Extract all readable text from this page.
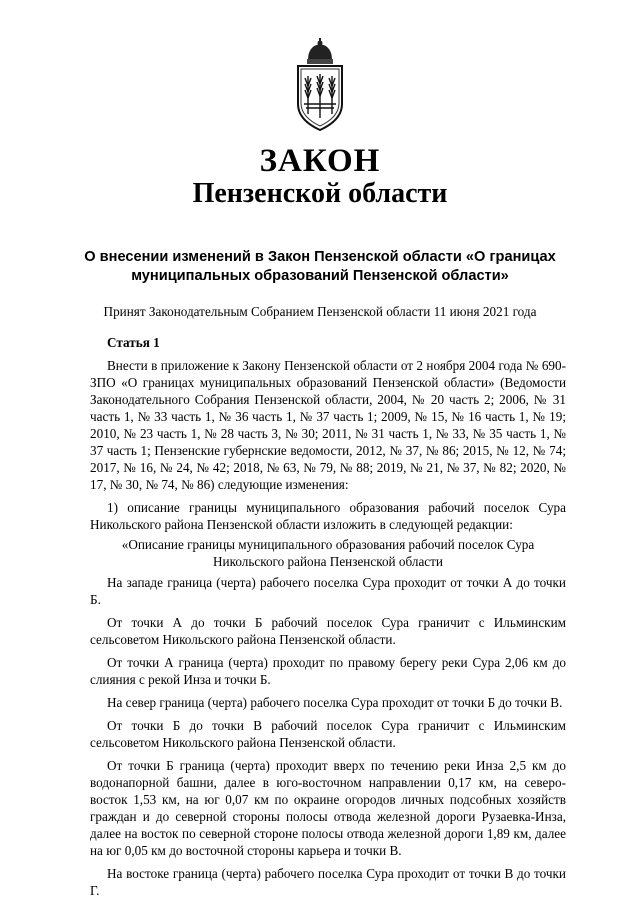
ЗАКОН
Пензенской области
О внесении изменений в Закон Пензенской области «О границах муниципальных образований Пензенской области»
Принят Законодательным Собранием Пензенской области 11 июня 2021 года
Статья 1
Внести в приложение к Закону Пензенской области от 2 ноября 2004 года № 690-ЗПО «О границах муниципальных образований Пензенской области» (Ведомости Законодательного Собрания Пензенской области, 2004, № 20 часть 2; 2006, № 31 часть 1, № 33 часть 1, № 36 часть 1, № 37 часть 1; 2009, № 15, № 16 часть 1, № 19; 2010, № 23 часть 1, № 28 часть 3, № 30; 2011, № 31 часть 1, № 33, № 35 часть 1, № 37 часть 1; Пензенские губернские ведомости, 2012, № 37, № 86; 2015, № 12, № 74; 2017, № 16, № 24, № 42; 2018, № 63, № 79, № 88; 2019, № 21, № 37, № 82; 2020, № 17, № 30, № 74, № 86) следующие изменения:
1) описание границы муниципального образования рабочий поселок Сура Никольского района Пензенской области изложить в следующей редакции:
«Описание границы муниципального образования рабочий поселок Сура Никольского района Пензенской области
На западе граница (черта) рабочего поселка Сура проходит от точки А до точки Б.
От точки А до точки Б рабочий поселок Сура граничит с Ильминским сельсоветом Никольского района Пензенской области.
От точки А граница (черта) проходит по правому берегу реки Сура 2,06 км до слияния с рекой Инза и точки Б.
На север граница (черта) рабочего поселка Сура проходит от точки Б до точки В.
От точки Б до точки В рабочий поселок Сура граничит с Ильминским сельсоветом Никольского района Пензенской области.
От точки Б граница (черта) проходит вверх по течению реки Инза 2,5 км до водонапорной башни, далее в юго-восточном направлении 0,17 км, на северо-восток 1,53 км, на юг 0,07 км по окраине огородов личных подсобных хозяйств граждан и до северной стороны полосы отвода железной дороги Рузаевка-Инза, далее на восток по северной стороне полосы отвода железной дороги 1,89 км, далее на юг 0,05 км до восточной стороны карьера и точки В.
На востоке граница (черта) рабочего поселка Сура проходит от точки В до точки Г.
